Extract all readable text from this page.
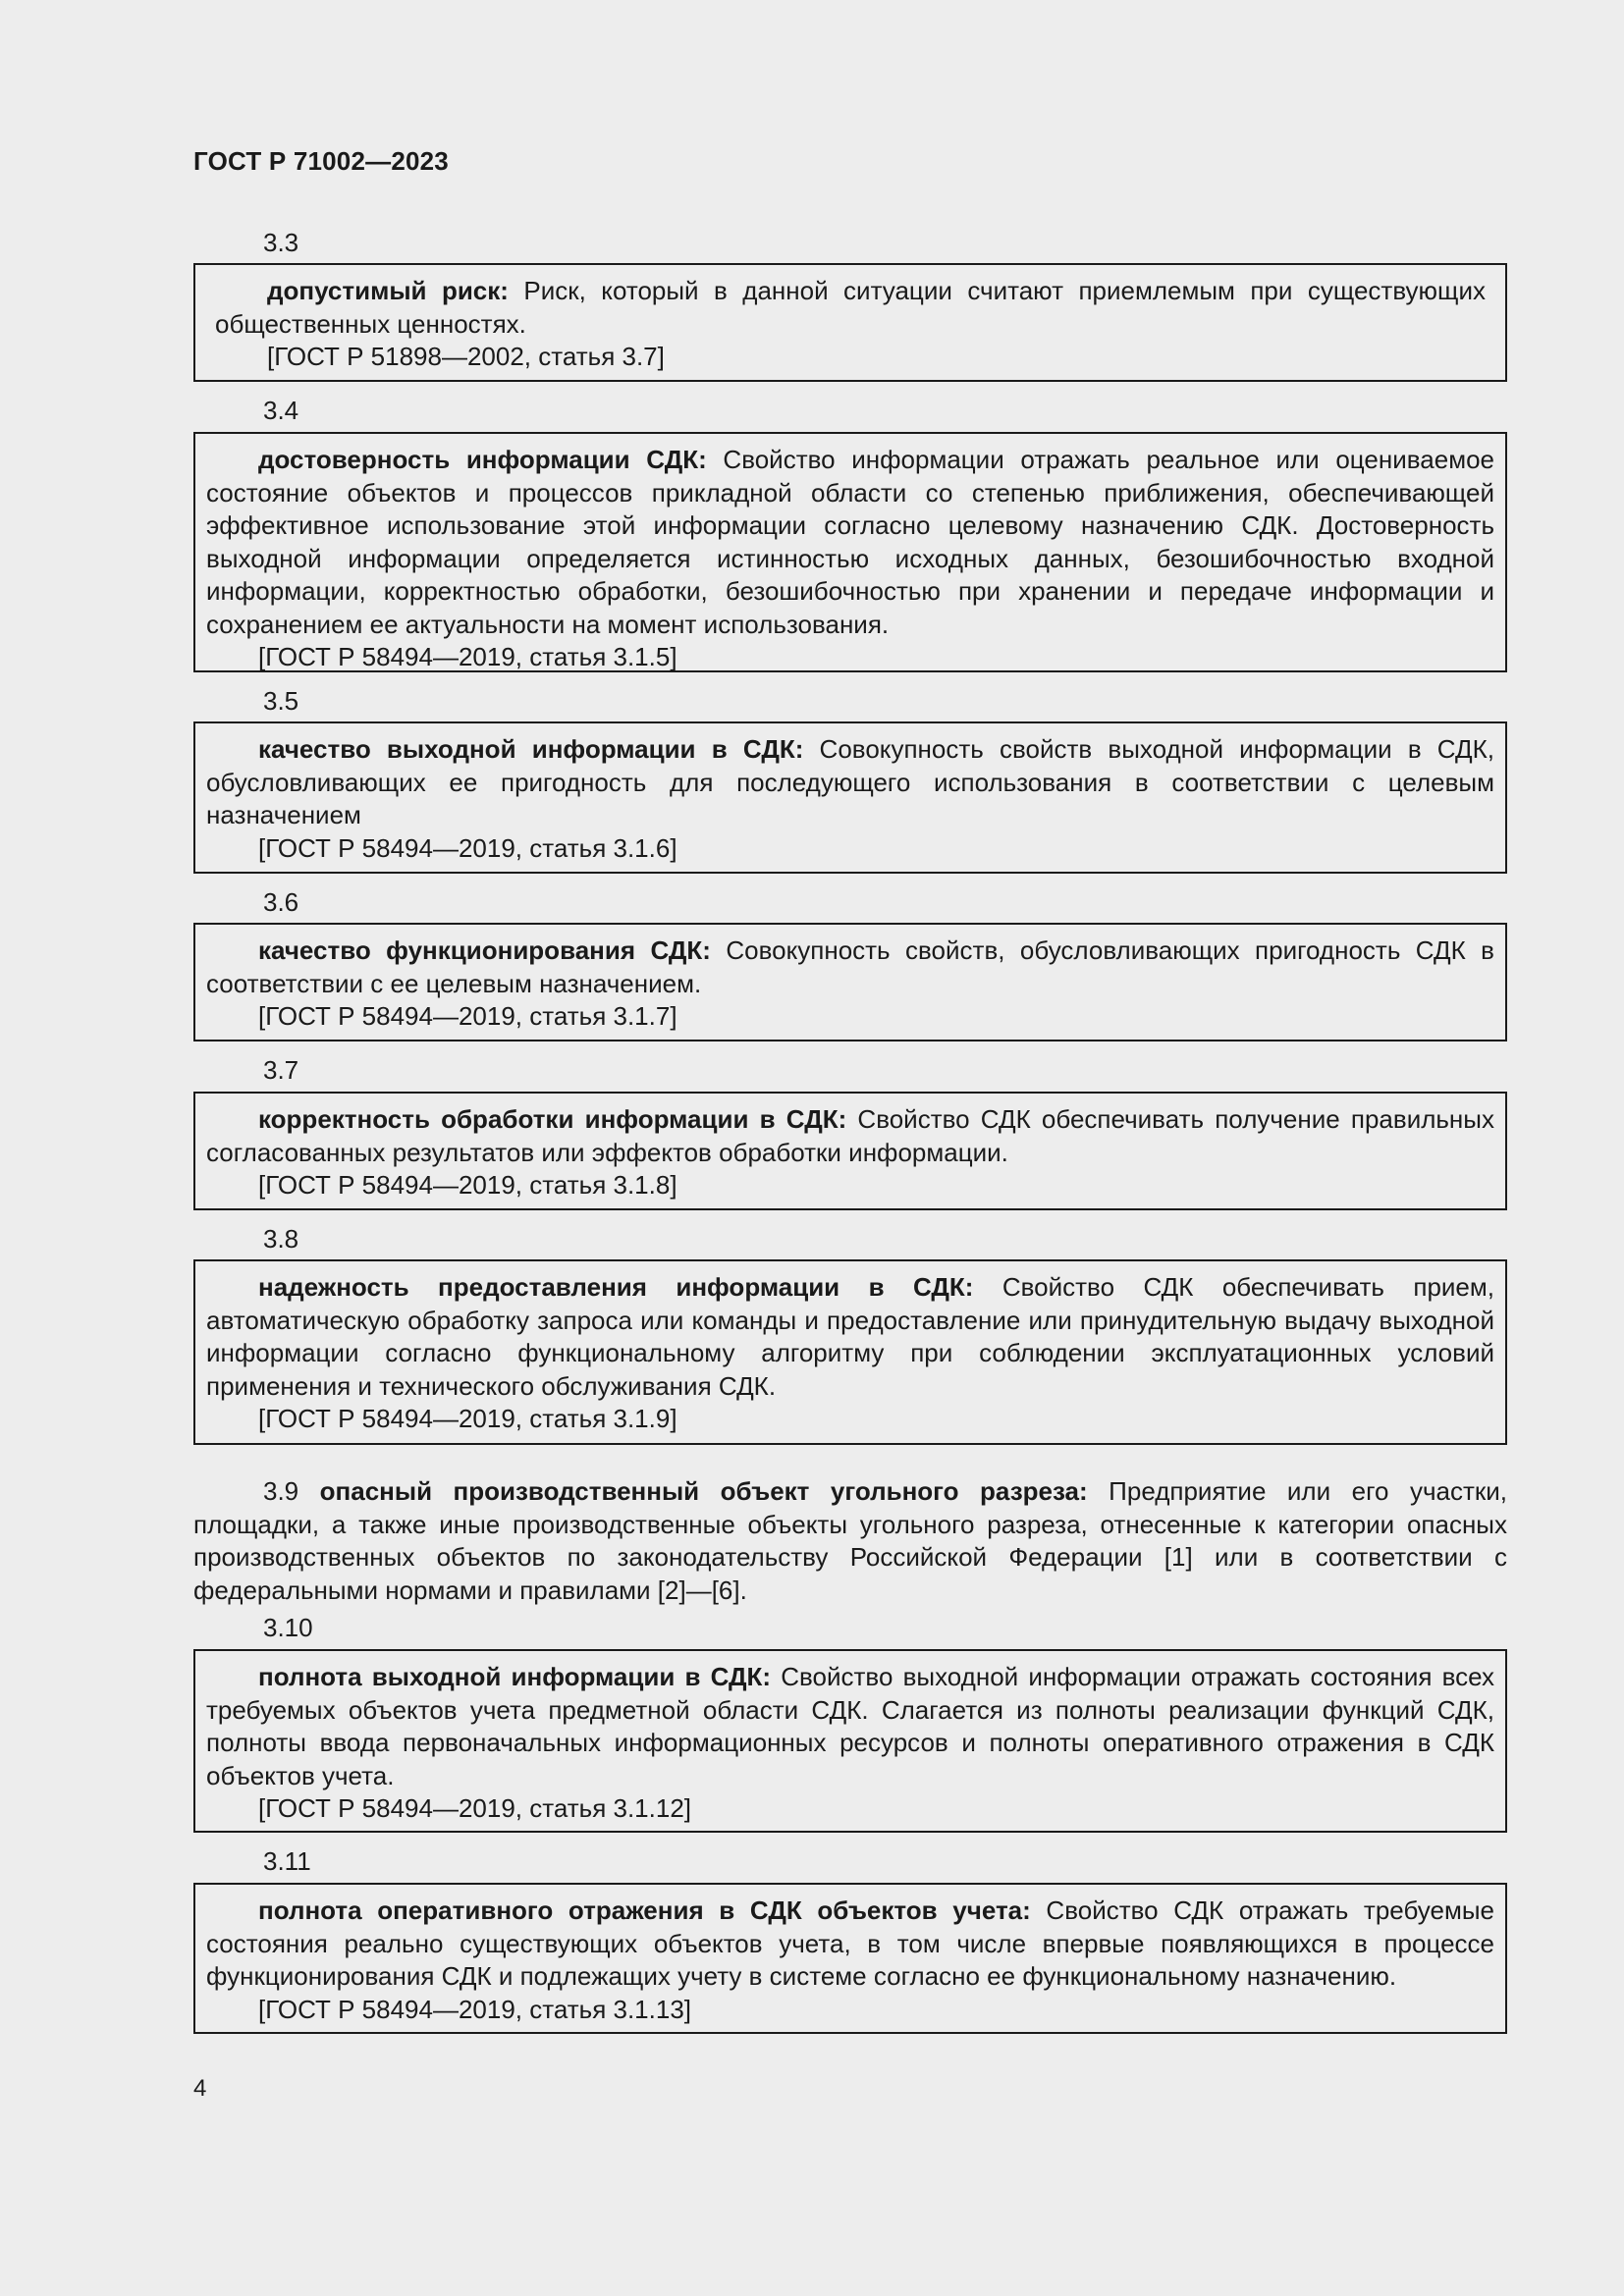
ГОСТ Р 71002—2023
3.3

допустимый риск: Риск, который в данной ситуации считают приемлемым при существующих общественных ценностях.

[ГОСТ Р 51898—2002, статья 3.7]
3.4

достоверность информации СДК: Свойство информации отражать реальное или оцениваемое состояние объектов и процессов прикладной области со степенью приближения, обеспечивающей эффективное использование этой информации согласно целевому назначению СДК. Достоверность выходной информации определяется истинностью исходных данных, безошибочностью входной информации, корректностью обработки, безошибочностью при хранении и передаче информации и сохранением ее актуальности на момент использования.

[ГОСТ Р 58494—2019, статья 3.1.5]
3.5

качество выходной информации в СДК: Совокупность свойств выходной информации в СДК, обусловливающих ее пригодность для последующего использования в соответствии с целевым назначением

[ГОСТ Р 58494—2019, статья 3.1.6]
3.6

качество функционирования СДК: Совокупность свойств, обусловливающих пригодность СДК в соответствии с ее целевым назначением.

[ГОСТ Р 58494—2019, статья 3.1.7]
3.7

корректность обработки информации в СДК: Свойство СДК обеспечивать получение правильных согласованных результатов или эффектов обработки информации.

[ГОСТ Р 58494—2019, статья 3.1.8]
3.8

надежность предоставления информации в СДК: Свойство СДК обеспечивать прием, автоматическую обработку запроса или команды и предоставление или принудительную выдачу выходной информации согласно функциональному алгоритму при соблюдении эксплуатационных условий применения и технического обслуживания СДК.

[ГОСТ Р 58494—2019, статья 3.1.9]

3.9 опасный производственный объект угольного разреза: Предприятие или его участки, площадки, а также иные производственные объекты угольного разреза, отнесенные к категории опасных производственных объектов по законодательству Российской Федерации [1] или в соответствии с федеральными нормами и правилами [2]—[6].

3.10

полнота выходной информации в СДК: Свойство выходной информации отражать состояния всех требуемых объектов учета предметной области СДК. Слагается из полноты реализации функций СДК, полноты ввода первоначальных информационных ресурсов и полноты оперативного отражения в СДК объектов учета.

[ГОСТ Р 58494—2019, статья 3.1.12]
3.11

полнота оперативного отражения в СДК объектов учета: Свойство СДК отражать требуемые состояния реально существующих объектов учета, в том числе впервые появляющихся в процессе функционирования СДК и подлежащих учету в системе согласно ее функциональному назначению.

[ГОСТ Р 58494—2019, статья 3.1.13]
4
